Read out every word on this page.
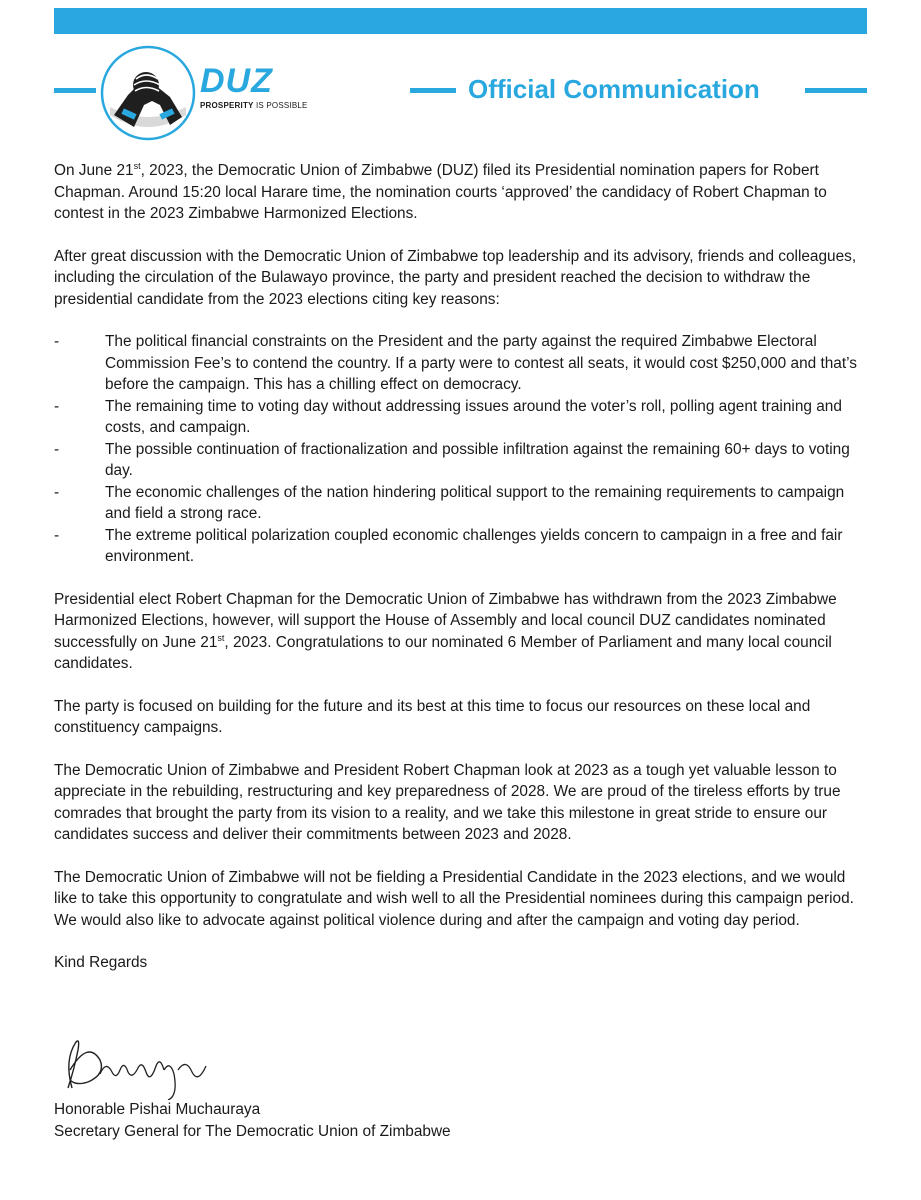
DUZ
PROSPERITY IS POSSIBLE
Official Communication

On June 21st, 2023, the Democratic Union of Zimbabwe (DUZ) filed its Presidential nomination papers for Robert Chapman. Around 15:20 local Harare time, the nomination courts ‘approved’ the candidacy of Robert Chapman to contest in the 2023 Zimbabwe Harmonized Elections.

After great discussion with the Democratic Union of Zimbabwe top leadership and its advisory, friends and colleagues, including the circulation of the Bulawayo province, the party and president reached the decision to withdraw the presidential candidate from the 2023 elections citing key reasons:

-	The political financial constraints on the President and the party against the required Zimbabwe Electoral Commission Fee’s to contend the country. If a party were to contest all seats, it would cost $250,000 and that’s before the campaign. This has a chilling effect on democracy.
-	The remaining time to voting day without addressing issues around the voter’s roll, polling agent training and costs, and campaign.
-	The possible continuation of fractionalization and possible infiltration against the remaining 60+ days to voting day.
-	The economic challenges of the nation hindering political support to the remaining requirements to campaign and field a strong race.
-	The extreme political polarization coupled economic challenges yields concern to campaign in a free and fair environment.

Presidential elect Robert Chapman for the Democratic Union of Zimbabwe has withdrawn from the 2023 Zimbabwe Harmonized Elections, however, will support the House of Assembly and local council DUZ candidates nominated successfully on June 21st, 2023. Congratulations to our nominated 6 Member of Parliament and many local council candidates.

The party is focused on building for the future and its best at this time to focus our resources on these local and constituency campaigns.

The Democratic Union of Zimbabwe and President Robert Chapman look at 2023 as a tough yet valuable lesson to appreciate in the rebuilding, restructuring and key preparedness of 2028. We are proud of the tireless efforts by true comrades that brought the party from its vision to a reality, and we take this milestone in great stride to ensure our candidates success and deliver their commitments between 2023 and 2028.

The Democratic Union of Zimbabwe will not be fielding a Presidential Candidate in the 2023 elections, and we would like to take this opportunity to congratulate and wish well to all the Presidential nominees during this campaign period. We would also like to advocate against political violence during and after the campaign and voting day period.

Kind Regards

Honorable Pishai Muchauraya
Secretary General for The Democratic Union of Zimbabwe
